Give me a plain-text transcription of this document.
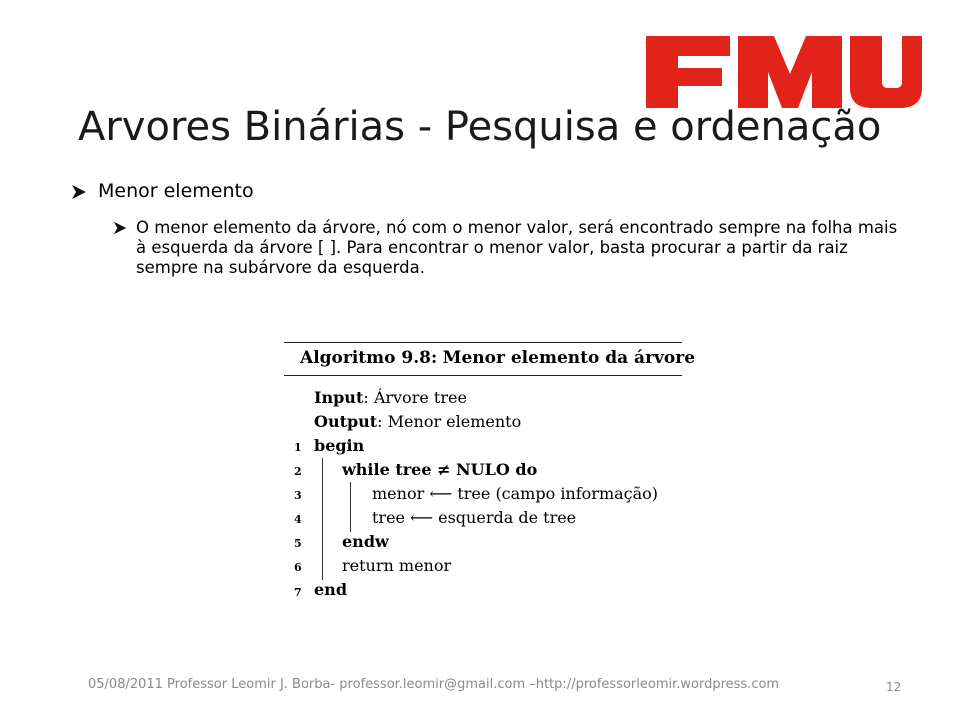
Arvores Binárias - Pesquisa e ordenação
Menor elemento
O menor elemento da árvore, nó com o menor valor, será encontrado sempre na folha mais à esquerda da árvore [ ]. Para encontrar o menor valor, basta procurar a partir da raiz sempre na subárvore da esquerda.
Algoritmo 9.8: Menor elemento da árvore
Input: Árvore tree
Output: Menor elemento
1 begin
2	while tree ≠ NULO do
3	menor ⟵ tree (campo informação)
4	tree ⟵ esquerda de tree
5	endw
6	return menor
7 end
05/08/2011 Professor Leomir J. Borba- professor.leomir@gmail.com –http://professorleomir.wordpress.com	12
